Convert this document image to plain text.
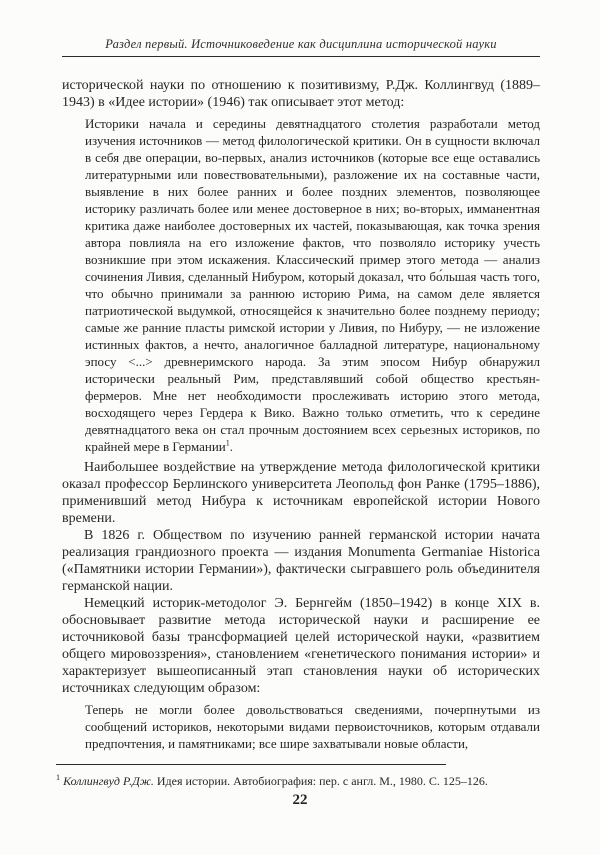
Раздел первый. Источниковедение как дисциплина исторической науки

исторической науки по отношению к позитивизму, Р.Дж. Коллингвуд (1889–1943) в «Идее истории» (1946) так описывает этот метод:

Историки начала и середины девятнадцатого столетия разработали метод изучения источников — метод филологической критики. Он в сущности включал в себя две операции, во-первых, анализ источников (которые все еще оставались литературными или повествовательными), разложение их на составные части, выявление в них более ранних и более поздних элементов, позволяющее историку различать более или менее достоверное в них; во-вторых, имманентная критика даже наиболее достоверных их частей, показывающая, как точка зрения автора повлияла на его изложение фактов, что позволяло историку учесть возникшие при этом искажения. Классический пример этого метода — анализ сочинения Ливия, сделанный Нибуром, который доказал, что бо́льшая часть того, что обычно принимали за раннюю историю Рима, на самом деле является патриотической выдумкой, относящейся к значительно более позднему периоду; самые же ранние пласты римской истории у Ливия, по Нибуру, — не изложение истинных фактов, а нечто, аналогичное балладной литературе, национальному эпосу <...> древнеримского народа. За этим эпосом Нибур обнаружил исторически реальный Рим, представлявший собой общество крестьян-фермеров. Мне нет необходимости прослеживать историю этого метода, восходящего через Гердера к Вико. Важно только отметить, что к середине девятнадцатого века он стал прочным достоянием всех серьезных историков, по крайней мере в Германии$^1$.

Наибольшее воздействие на утверждение метода филологической критики оказал профессор Берлинского университета Леопольд фон Ранке (1795–1886), применивший метод Нибура к источникам европейской истории Нового времени.

В 1826 г. Обществом по изучению ранней германской истории начата реализация грандиозного проекта — издания Monumenta Germaniae Historica («Памятники истории Германии»), фактически сыгравшего роль объединителя германской нации.

Немецкий историк-методолог Э. Бернгейм (1850–1942) в конце XIX в. обосновывает развитие метода исторической науки и расширение ее источниковой базы трансформацией целей исторической науки, «развитием общего мировоззрения», становлением «генетического понимания истории» и характеризует вышеописанный этап становления науки об исторических источниках следующим образом:

Теперь не могли более довольствоваться сведениями, почерпнутыми из сообщений историков, некоторыми видами первоисточников, которым отдавали предпочтения, и памятниками; все шире захватывали новые области,
$^1$ Коллингвуд Р.Дж. Идея истории. Автобиография: пер. с англ. М., 1980. С. 125–126.
22
